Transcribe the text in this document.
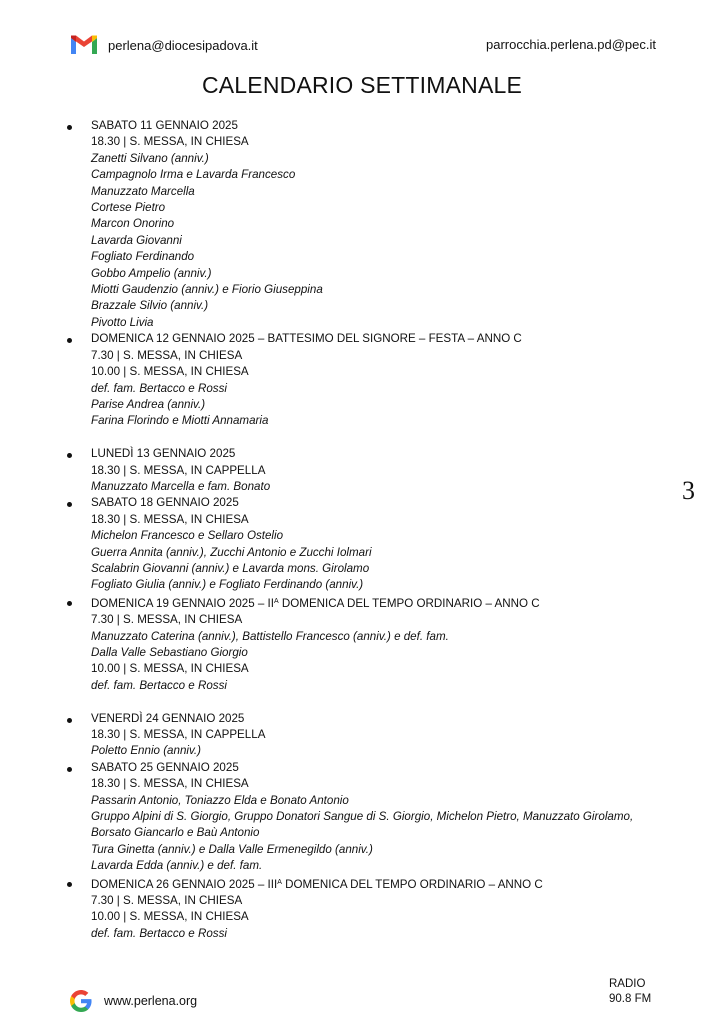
perlena@diocesipadova.it	parrocchia.perlena.pd@pec.it
CALENDARIO SETTIMANALE
SABATO 11 GENNAIO 2025
18.30 | S. MESSA, IN CHIESA
Zanetti Silvano (anniv.)
Campagnolo Irma e Lavarda Francesco
Manuzzato Marcella
Cortese Pietro
Marcon Onorino
Lavarda Giovanni
Fogliato Ferdinando
Gobbo Ampelio (anniv.)
Miotti Gaudenzio (anniv.) e Fiorio Giuseppina
Brazzale Silvio (anniv.)
Pivotto Livia
DOMENICA 12 GENNAIO 2025 – BATTESIMO DEL SIGNORE – FESTA – ANNO C
7.30 | S. MESSA, IN CHIESA
10.00 | S. MESSA, IN CHIESA
def. fam. Bertacco e Rossi
Parise Andrea (anniv.)
Farina Florindo e Miotti Annamaria
LUNEDÌ 13 GENNAIO 2025
18.30 | S. MESSA, IN CAPPELLA
Manuzzato Marcella e fam. Bonato
SABATO 18 GENNAIO 2025
18.30 | S. MESSA, IN CHIESA
Michelon Francesco e Sellaro Ostelio
Guerra Annita (anniv.), Zucchi Antonio e Zucchi Iolmari
Scalabrin Giovanni (anniv.) e Lavarda mons. Girolamo
Fogliato Giulia (anniv.) e Fogliato Ferdinando (anniv.)
DOMENICA 19 GENNAIO $2025 - II^A$ DOMENICA DEL TEMPO ORDINARIO – ANNO C
7.30 | S. MESSA, IN CHIESA
Manuzzato Caterina (anniv.), Battistello Francesco (anniv.) e def. fam.
Dalla Valle Sebastiano Giorgio
10.00 | S. MESSA, IN CHIESA
def. fam. Bertacco e Rossi
VENERDÌ 24 GENNAIO 2025
18.30 | S. MESSA, IN CAPPELLA
Poletto Ennio (anniv.)
SABATO 25 GENNAIO 2025
18.30 | S. MESSA, IN CHIESA
Passarin Antonio, Toniazzo Elda e Bonato Antonio
Gruppo Alpini di S. Giorgio, Gruppo Donatori Sangue di S. Giorgio, Michelon Pietro, Manuzzato Girolamo,
Borsato Giancarlo e Baù Antonio
Tura Ginetta (anniv.) e Dalla Valle Ermenegildo (anniv.)
Lavarda Edda (anniv.) e def. fam.
DOMENICA 26 GENNAIO $2025 - III^A$ DOMENICA DEL TEMPO ORDINARIO – ANNO C
7.30 | S. MESSA, IN CHIESA
10.00 | S. MESSA, IN CHIESA
def. fam. Bertacco e Rossi
3
www.perlena.org
RADIO
90.8 FM
